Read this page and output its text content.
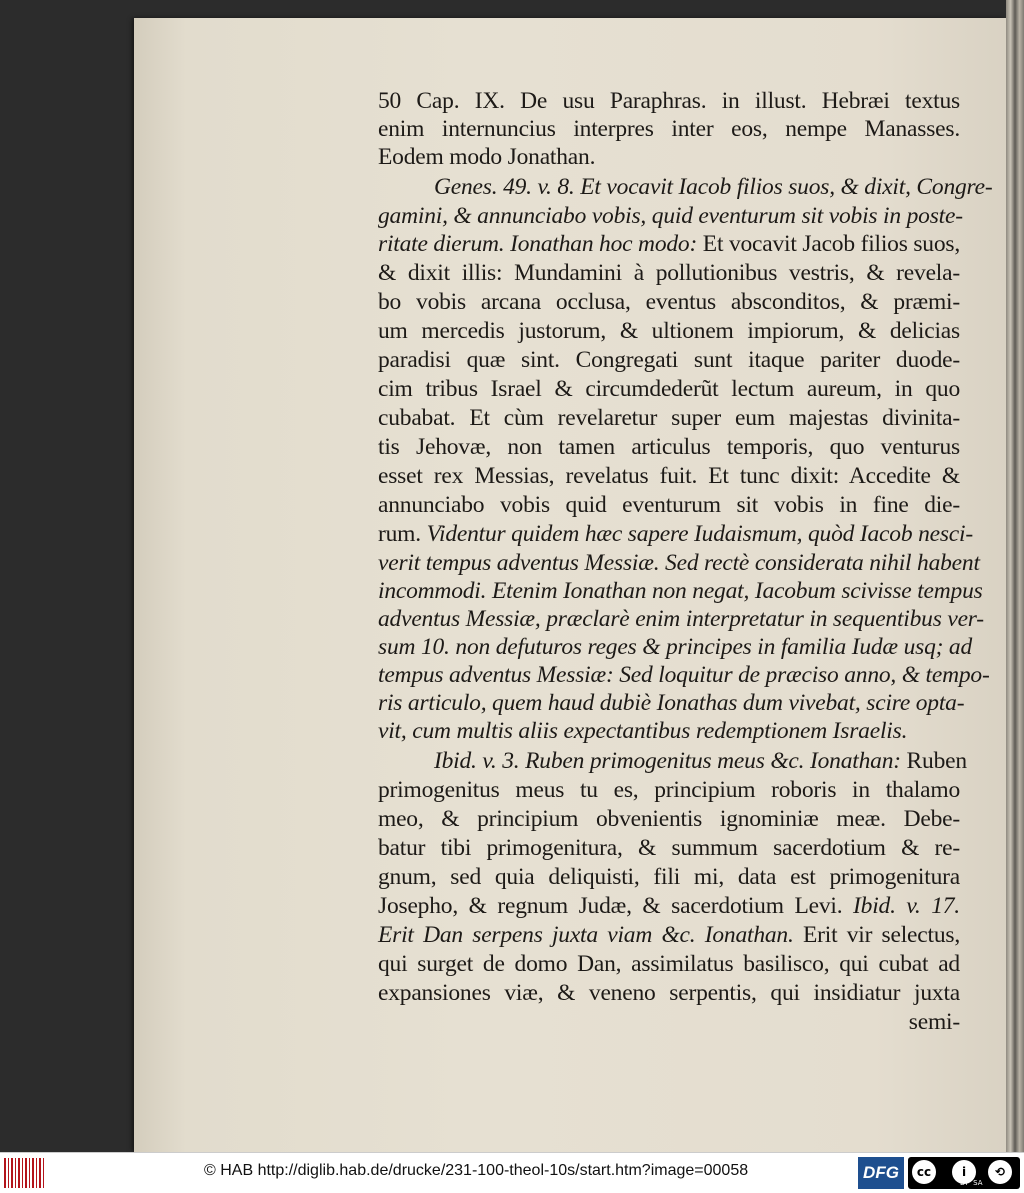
50 Cap. IX. De usu Paraphras. in illust. Hebræi textus
enim internuncius interpres inter eos, nempe Manasses.
Eodem modo Jonathan.
Genes. 49. v. 8. Et vocavit Iacob filios suos, & dixit, Congre-
gamini, & annunciabo vobis, quid eventurum sit vobis in poste-
ritate dierum. Ionathan hoc modo: Et vocavit Jacob filios suos,
& dixit illis: Mundamini à pollutionibus vestris, & revela-
bo vobis arcana occlusa, eventus absconditos, & præmi-
um mercedis justorum, & ultionem impiorum, & delicias
paradisi quæ sint. Congregati sunt itaque pariter duode-
cim tribus Israel & circumdederũt lectum aureum, in quo
cubabat. Et cùm revelaretur super eum majestas divinita-
tis Jehovæ, non tamen articulus temporis, quo venturus
esset rex Messias, revelatus fuit. Et tunc dixit: Accedite &
annunciabo vobis quid eventurum sit vobis in fine die-
rum. Videntur quidem hæc sapere Iudaismum, quòd Iacob nesci-
verit tempus adventus Messiæ. Sed rectè considerata nihil habent
incommodi. Etenim Ionathan non negat, Iacobum scivisse tempus
adventus Messiæ, præclarè enim interpretatur in sequentibus ver-
sum 10. non defuturos reges & principes in familia Iudæ usq; ad
tempus adventus Messiæ: Sed loquitur de præciso anno, & tempo-
ris articulo, quem haud dubiè Ionathas dum vivebat, scire opta-
vit, cum multis aliis expectantibus redemptionem Israelis.
Ibid. v. 3. Ruben primogenitus meus &c. Ionathan: Ruben
primogenitus meus tu es, principium roboris in thalamo
meo, & principium obvenientis ignominiæ meæ. Debe-
batur tibi primogenitura, & summum sacerdotium & re-
gnum, sed quia deliquisti, fili mi, data est primogenitura
Josepho, & regnum Judæ, & sacerdotium Levi. Ibid. v. 17.
Erit Dan serpens juxta viam &c. Ionathan. Erit vir selectus,
qui surget de domo Dan, assimilatus basilisco, qui cubat ad
expansiones viæ, & veneno serpentis, qui insidiatur juxta
semi-
© HAB http://diglib.hab.de/drucke/231-100-theol-10s/start.htm?image=00058	DFG	cc	i	⟲
BY  SA
